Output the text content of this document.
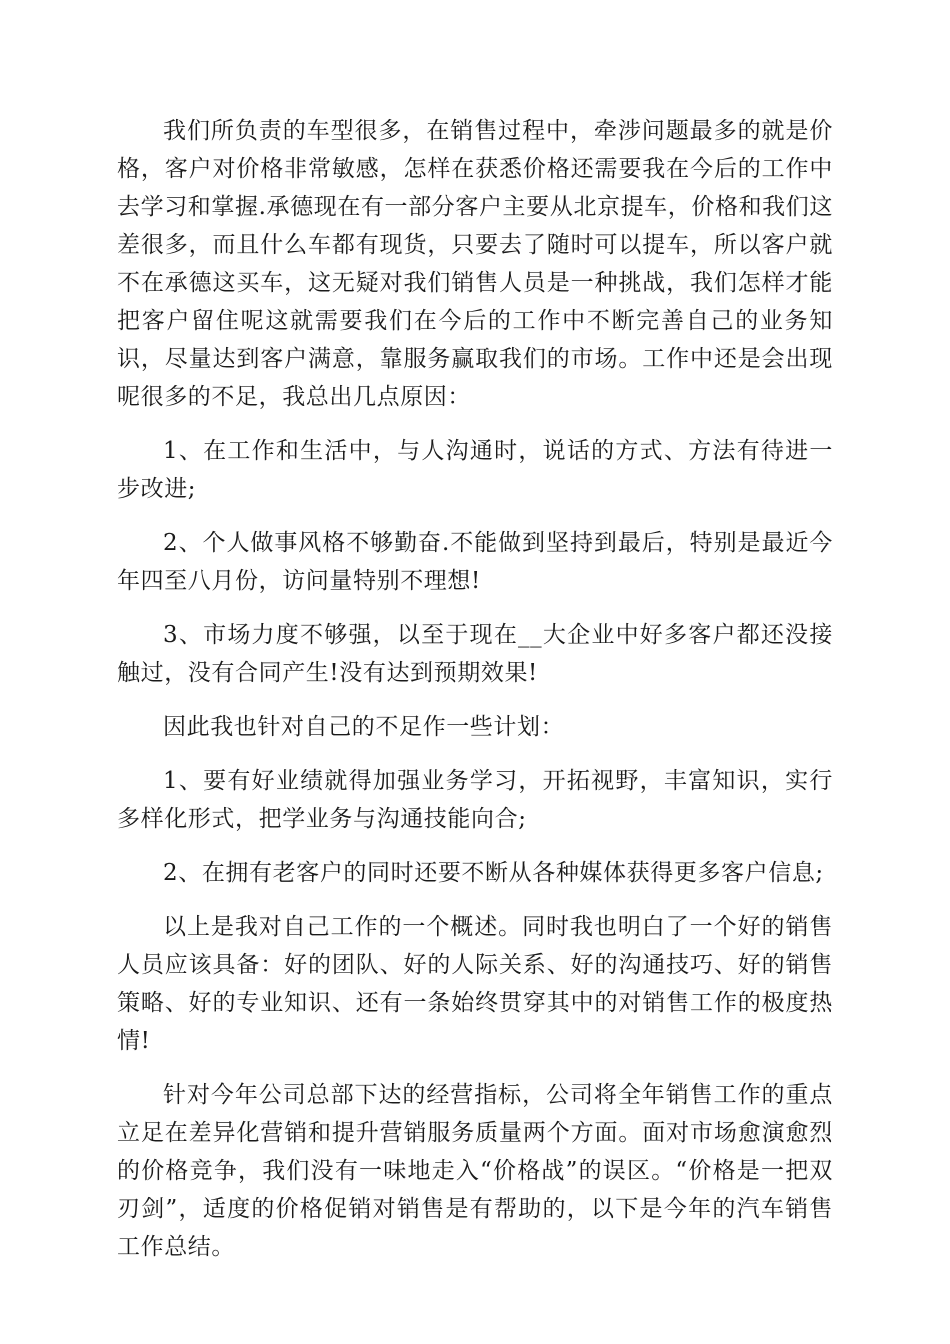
我们所负责的车型很多，在销售过程中，牵涉问题最多的就是价格，客户对价格非常敏感，怎样在获悉价格还需要我在今后的工作中去学习和掌握.承德现在有一部分客户主要从北京提车，价格和我们这差很多，而且什么车都有现货，只要去了随时可以提车，所以客户就不在承德这买车，这无疑对我们销售人员是一种挑战，我们怎样才能把客户留住呢这就需要我们在今后的工作中不断完善自己的业务知识，尽量达到客户满意，靠服务赢取我们的市场。工作中还是会出现呢很多的不足，我总出几点原因：

1、在工作和生活中，与人沟通时，说话的方式、方法有待进一步改进;

2、个人做事风格不够勤奋.不能做到坚持到最后，特别是最近今年四至八月份，访问量特别不理想!

3、市场力度不够强，以至于现在__大企业中好多客户都还没接触过，没有合同产生!没有达到预期效果!

因此我也针对自己的不足作一些计划：

1、要有好业绩就得加强业务学习，开拓视野，丰富知识，实行多样化形式，把学业务与沟通技能向合;

2、在拥有老客户的同时还要不断从各种媒体获得更多客户信息;

以上是我对自己工作的一个概述。同时我也明白了一个好的销售人员应该具备：好的团队、好的人际关系、好的沟通技巧、好的销售策略、好的专业知识、还有一条始终贯穿其中的对销售工作的极度热情!

针对今年公司总部下达的经营指标，公司将全年销售工作的重点立足在差异化营销和提升营销服务质量两个方面。面对市场愈演愈烈的价格竞争，我们没有一味地走入“价格战”的误区。“价格是一把双刃剑”，适度的价格促销对销售是有帮助的，以下是今年的汽车销售工作总结。
